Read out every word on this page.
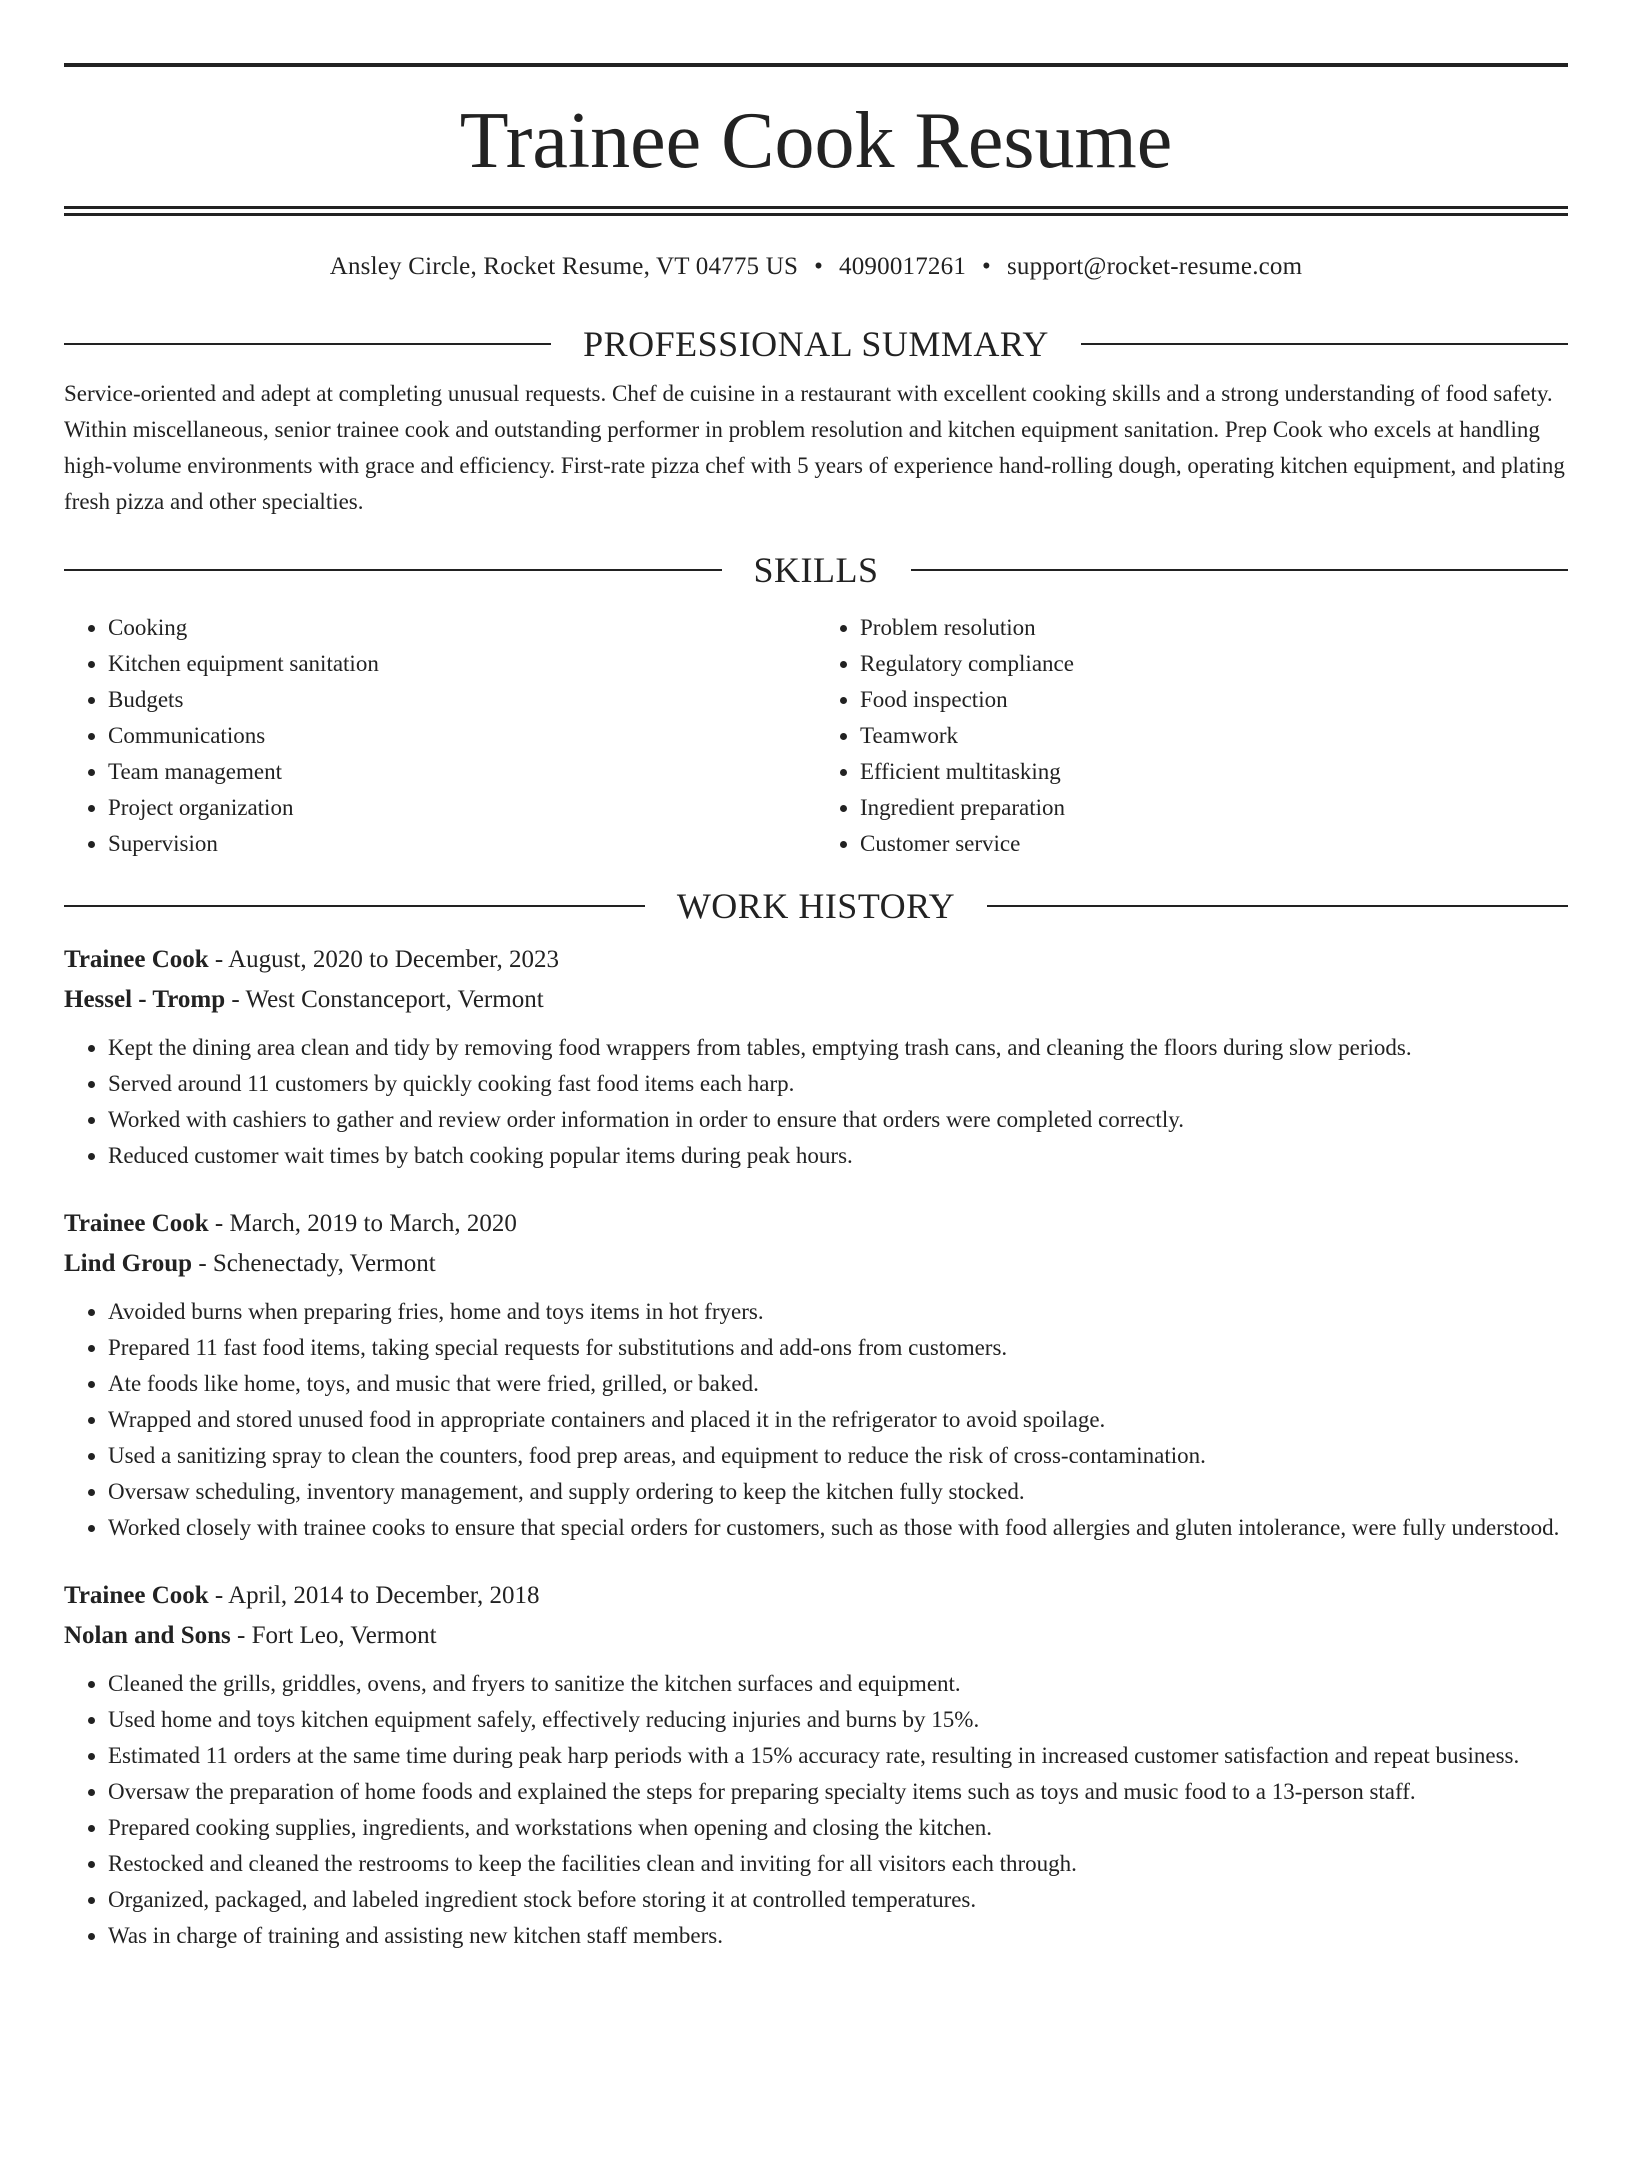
Trainee Cook Resume
Ansley Circle, Rocket Resume, VT 04775 US • 4090017261 • support@rocket-resume.com
PROFESSIONAL SUMMARY

Service-oriented and adept at completing unusual requests. Chef de cuisine in a restaurant with excellent cooking skills and a strong understanding of food safety. Within miscellaneous, senior trainee cook and outstanding performer in problem resolution and kitchen equipment sanitation. Prep Cook who excels at handling high-volume environments with grace and efficiency. First-rate pizza chef with 5 years of experience hand-rolling dough, operating kitchen equipment, and plating fresh pizza and other specialties.

SKILLS
• Cooking
• Kitchen equipment sanitation
• Budgets
• Communications
• Team management
• Project organization
• Supervision
• Problem resolution
• Regulatory compliance
• Food inspection
• Teamwork
• Efficient multitasking
• Ingredient preparation
• Customer service
WORK HISTORY
Trainee Cook - August, 2020 to December, 2023
Hessel - Tromp - West Constanceport, Vermont
• Kept the dining area clean and tidy by removing food wrappers from tables, emptying trash cans, and cleaning the floors during slow periods.
• Served around 11 customers by quickly cooking fast food items each harp.
• Worked with cashiers to gather and review order information in order to ensure that orders were completed correctly.
• Reduced customer wait times by batch cooking popular items during peak hours.
Trainee Cook - March, 2019 to March, 2020
Lind Group - Schenectady, Vermont
• Avoided burns when preparing fries, home and toys items in hot fryers.
• Prepared 11 fast food items, taking special requests for substitutions and add-ons from customers.
• Ate foods like home, toys, and music that were fried, grilled, or baked.
• Wrapped and stored unused food in appropriate containers and placed it in the refrigerator to avoid spoilage.
• Used a sanitizing spray to clean the counters, food prep areas, and equipment to reduce the risk of cross-contamination.
• Oversaw scheduling, inventory management, and supply ordering to keep the kitchen fully stocked.
• Worked closely with trainee cooks to ensure that special orders for customers, such as those with food allergies and gluten intolerance, were fully understood.
Trainee Cook - April, 2014 to December, 2018
Nolan and Sons - Fort Leo, Vermont
• Cleaned the grills, griddles, ovens, and fryers to sanitize the kitchen surfaces and equipment.
• Used home and toys kitchen equipment safely, effectively reducing injuries and burns by 15%.
• Estimated 11 orders at the same time during peak harp periods with a 15% accuracy rate, resulting in increased customer satisfaction and repeat business.
• Oversaw the preparation of home foods and explained the steps for preparing specialty items such as toys and music food to a 13-person staff.
• Prepared cooking supplies, ingredients, and workstations when opening and closing the kitchen.
• Restocked and cleaned the restrooms to keep the facilities clean and inviting for all visitors each through.
• Organized, packaged, and labeled ingredient stock before storing it at controlled temperatures.
• Was in charge of training and assisting new kitchen staff members.
